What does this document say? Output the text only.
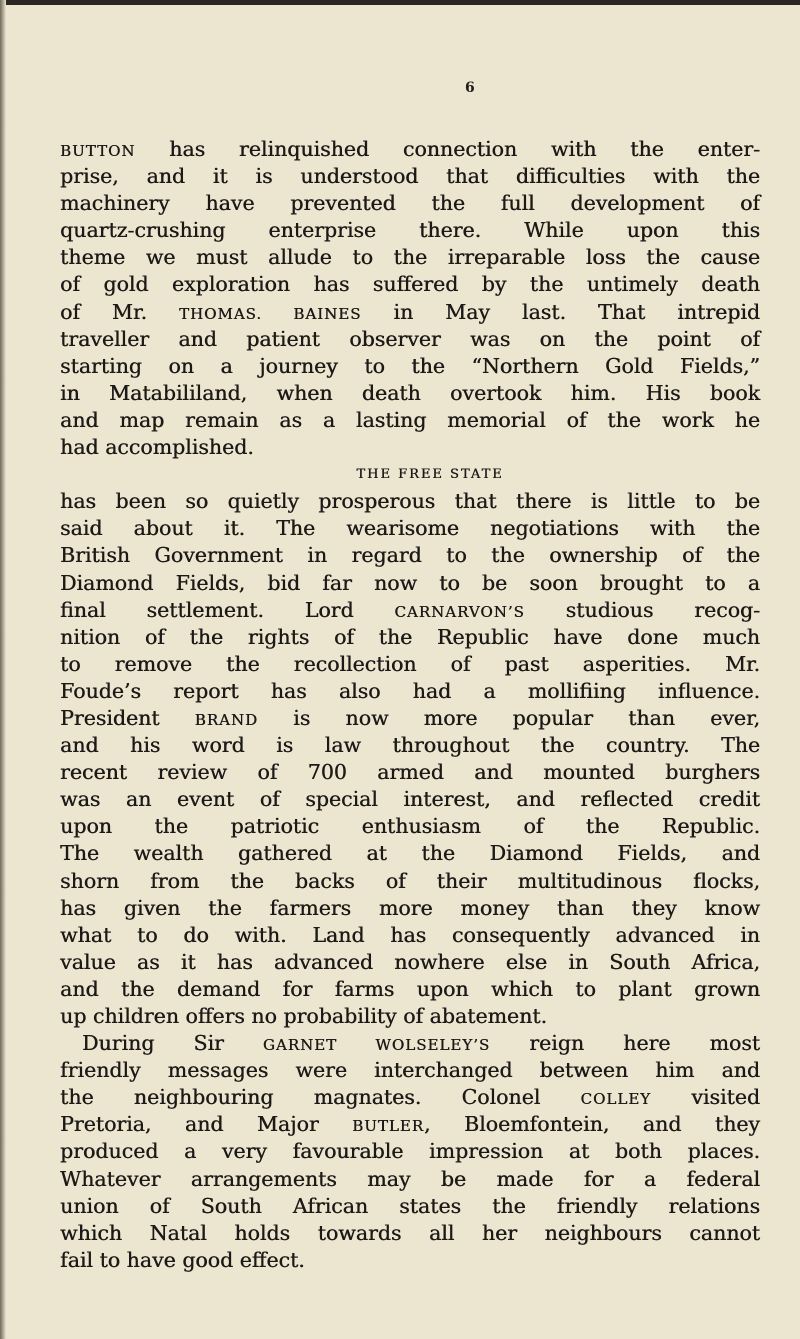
6
BUTTON has relinquished connection with the enter-
prise, and it is understood that difficulties with the
machinery have prevented the full development of
quartz-crushing enterprise there. While upon this
theme we must allude to the irreparable loss the cause
of gold exploration has suffered by the untimely death
of Mr. THOMAS. BAINES in May last. That intrepid
traveller and patient observer was on the point of
starting on a journey to the “Northern Gold Fields,”
in Matabililand, when death overtook him. His book
and map remain as a lasting memorial of the work he
had accomplished.
THE FREE STATE
has been so quietly prosperous that there is little to be
said about it. The wearisome negotiations with the
British Government in regard to the ownership of the
Diamond Fields, bid far now to be soon brought to a
final settlement. Lord CARNARVON’S studious recog-
nition of the rights of the Republic have done much
to remove the recollection of past asperities. Mr.
Foude’s report has also had a mollifiing influence.
President BRAND is now more popular than ever,
and his word is law throughout the country. The
recent review of 700 armed and mounted burghers
was an event of special interest, and reflected credit
upon the patriotic enthusiasm of the Republic.
The wealth gathered at the Diamond Fields, and
shorn from the backs of their multitudinous flocks,
has given the farmers more money than they know
what to do with. Land has consequently advanced in
value as it has advanced nowhere else in South Africa,
and the demand for farms upon which to plant grown
up children offers no probability of abatement.
During Sir GARNET WOLSELEY’S reign here most
friendly messages were interchanged between him and
the neighbouring magnates. Colonel COLLEY visited
Pretoria, and Major BUTLER, Bloemfontein, and they
produced a very favourable impression at both places.
Whatever arrangements may be made for a federal
union of South African states the friendly relations
which Natal holds towards all her neighbours cannot
fail to have good effect.
